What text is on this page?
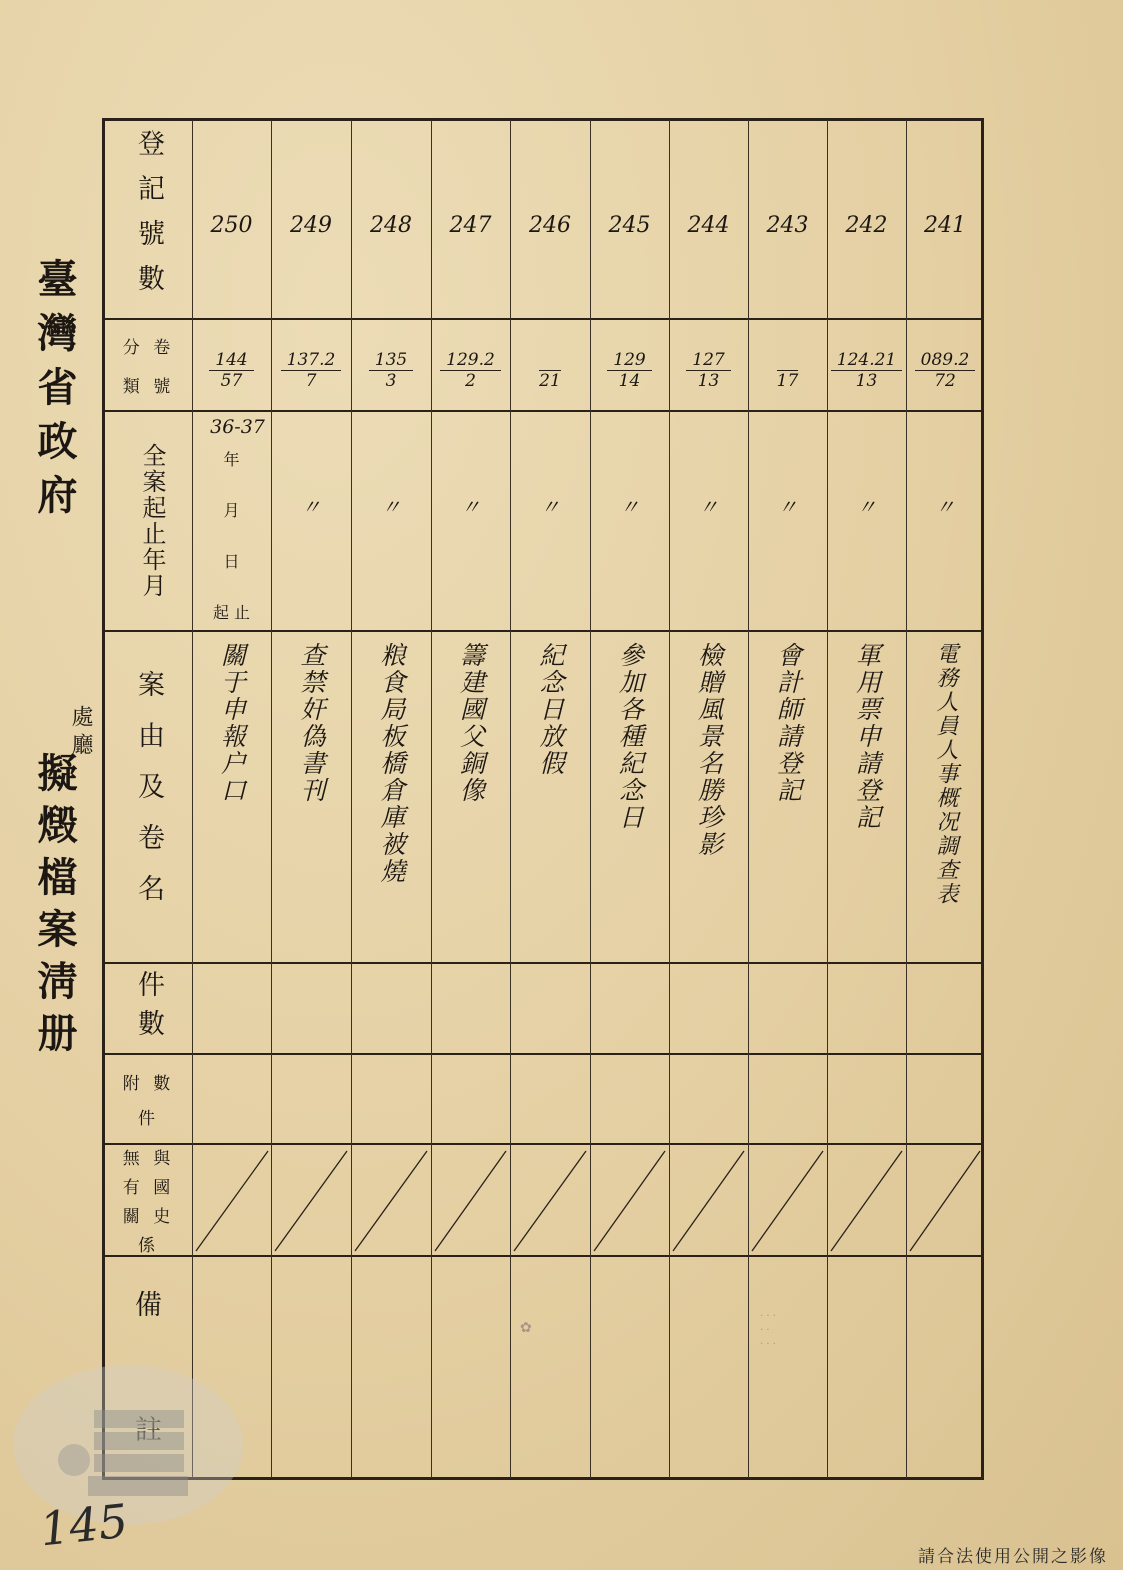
臺灣省政府
處廳
擬燬檔案淸册
登記號數
分 卷
類 號
全案起止年月
案由及卷名
件數
附 數
件
無 與
有 國
關 史
係
備
註
年
月
日
起 止
250
144
57
36-37
關于申報户口
249
137.2
7
〃
查禁奸偽書刊
248
135
3
〃
粮食局板橋倉庫被燒
247
129.2
2
〃
籌建國父銅像
246
21
〃
紀念日放假
245
129
14
〃
參加各種紀念日
244
127
13
〃
檢贈風景名勝珍影
243
17
〃
會計師請登記
242
124.21
13
〃
軍用票申請登記
241
089.2
72
〃
電務人員人事概况調查表
✿
· · ·
· ·
· · ·
145
請合法使用公開之影像
